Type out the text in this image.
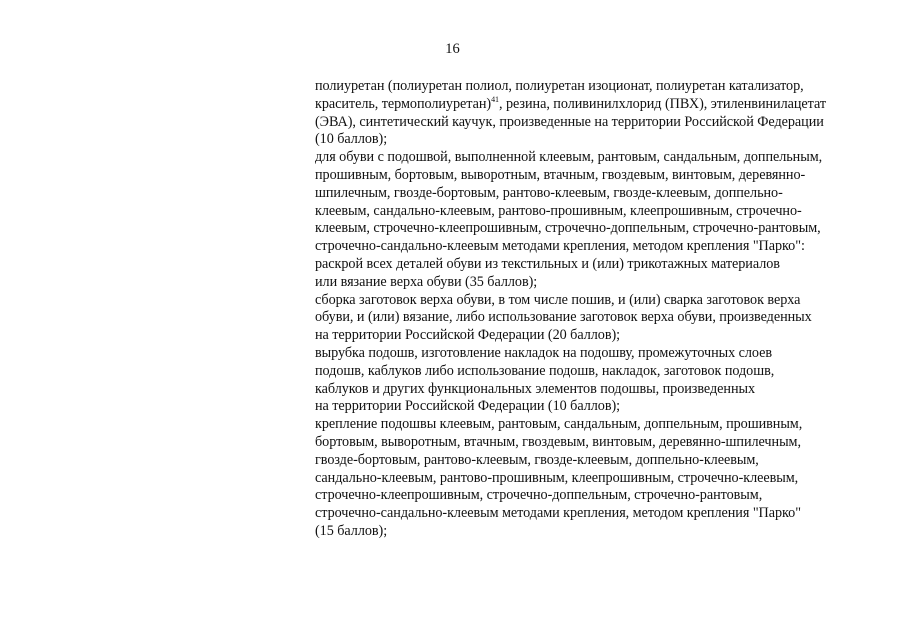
16
полиуретан (полиуретан полиол, полиуретан изоционат, полиуретан катализатор,
краситель, термополиуретан)$^{41}$, резина, поливинилхлорид (ПВХ), этиленвинилацетат
(ЭВА), синтетический каучук, произведенные на территории Российской Федерации
(10 баллов);
для обуви с подошвой, выполненной клеевым, рантовым, сандальным, доппельным,
прошивным, бортовым, выворотным, втачным, гвоздевым, винтовым, деревянно-
шпилечным, гвозде-бортовым, рантово-клеевым, гвозде-клеевым, доппельно-
клеевым, сандально-клеевым, рантово-прошивным, клеепрошивным, строчечно-
клеевым, строчечно-клеепрошивным, строчечно-доппельным, строчечно-рантовым,
строчечно-сандально-клеевым методами крепления, методом крепления "Парко":
раскрой всех деталей обуви из текстильных и (или) трикотажных материалов
или вязание верха обуви (35 баллов);
сборка заготовок верха обуви, в том числе пошив, и (или) сварка заготовок верха
обуви, и (или) вязание, либо использование заготовок верха обуви, произведенных
на территории Российской Федерации (20 баллов);
вырубка подошв, изготовление накладок на подошву, промежуточных слоев
подошв, каблуков либо использование подошв, накладок, заготовок подошв,
каблуков и других функциональных элементов подошвы, произведенных
на территории Российской Федерации (10 баллов);
крепление подошвы клеевым, рантовым, сандальным, доппельным, прошивным,
бортовым, выворотным, втачным, гвоздевым, винтовым, деревянно-шпилечным,
гвозде-бортовым, рантово-клеевым, гвозде-клеевым, доппельно-клеевым,
сандально-клеевым, рантово-прошивным, клеепрошивным, строчечно-клеевым,
строчечно-клеепрошивным, строчечно-доппельным, строчечно-рантовым,
строчечно-сандально-клеевым методами крепления, методом крепления "Парко"
(15 баллов);
